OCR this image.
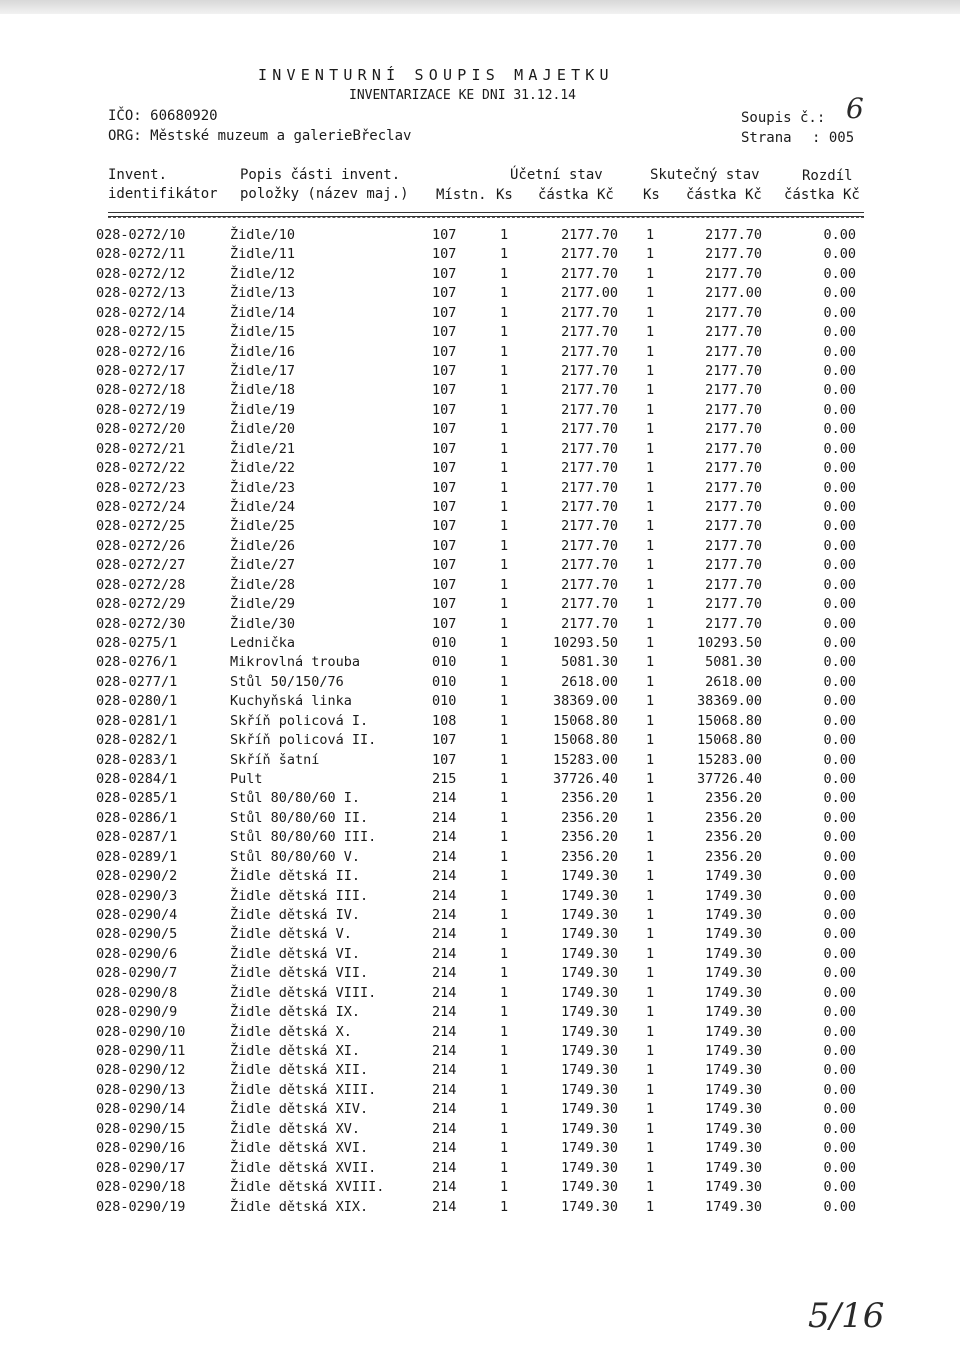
INVENTURNÍ SOUPIS MAJETKU
INVENTARIZACE KE DNI 31.12.14
IČO: 60680920
ORG: Městské muzeum a galerieBřeclav
Soupis č.: 6
Strana : 005
Invent.
identifikátor
Popis části invent.
položky (název maj.) Místn.
Účetní stav
Ks částka Kč
Skutečný stav
Ks částka Kč
Rozdíl
částka Kč
028-0272/10	Židle/10	107	1	2177.70 1	2177.70	0.00
028-0272/11	Židle/11	107	1	2177.70 1	2177.70	0.00
028-0272/12	Židle/12	107	1	2177.70 1	2177.70	0.00
028-0272/13	Židle/13	107	1	2177.00 1	2177.00	0.00
028-0272/14	Židle/14	107	1	2177.70 1	2177.70	0.00
028-0272/15	Židle/15	107	1	2177.70 1	2177.70	0.00
028-0272/16	Židle/16	107	1	2177.70 1	2177.70	0.00
028-0272/17	Židle/17	107	1	2177.70 1	2177.70	0.00
028-0272/18	Židle/18	107	1	2177.70 1	2177.70	0.00
028-0272/19	Židle/19	107	1	2177.70 1	2177.70	0.00
028-0272/20	Židle/20	107	1	2177.70 1	2177.70	0.00
028-0272/21	Židle/21	107	1	2177.70 1	2177.70	0.00
028-0272/22	Židle/22	107	1	2177.70 1	2177.70	0.00
028-0272/23	Židle/23	107	1	2177.70 1	2177.70	0.00
028-0272/24	Židle/24	107	1	2177.70 1	2177.70	0.00
028-0272/25	Židle/25	107	1	2177.70 1	2177.70	0.00
028-0272/26	Židle/26	107	1	2177.70 1	2177.70	0.00
028-0272/27	Židle/27	107	1	2177.70 1	2177.70	0.00
028-0272/28	Židle/28	107	1	2177.70 1	2177.70	0.00
028-0272/29	Židle/29	107	1	2177.70 1	2177.70	0.00
028-0272/30	Židle/30	107	1	2177.70 1	2177.70	0.00
028-0275/1	Lednička	010	1	10293.50 1	10293.50	0.00
028-0276/1	Mikrovlná trouba	010	1	5081.30 1	5081.30	0.00
028-0277/1	Stůl 50/150/76	010	1	2618.00 1	2618.00	0.00
028-0280/1	Kuchyňská linka	010	1	38369.00 1	38369.00	0.00
028-0281/1	Skříň policová I.	108	1	15068.80 1	15068.80	0.00
028-0282/1	Skříň policová II.	107	1	15068.80 1	15068.80	0.00
028-0283/1	Skříň šatní	107	1	15283.00 1	15283.00	0.00
028-0284/1	Pult	215	1	37726.40 1	37726.40	0.00
028-0285/1	Stůl 80/80/60 I.	214	1	2356.20 1	2356.20	0.00
028-0286/1	Stůl 80/80/60 II.	214	1	2356.20 1	2356.20	0.00
028-0287/1	Stůl 80/80/60 III.	214	1	2356.20 1	2356.20	0.00
028-0289/1	Stůl 80/80/60 V.	214	1	2356.20 1	2356.20	0.00
028-0290/2	Židle dětská II.	214	1	1749.30 1	1749.30	0.00
028-0290/3	Židle dětská III.	214	1	1749.30 1	1749.30	0.00
028-0290/4	Židle dětská IV.	214	1	1749.30 1	1749.30	0.00
028-0290/5	Židle dětská V.	214	1	1749.30 1	1749.30	0.00
028-0290/6	Židle dětská VI.	214	1	1749.30 1	1749.30	0.00
028-0290/7	Židle dětská VII.	214	1	1749.30 1	1749.30	0.00
028-0290/8	Židle dětská VIII.	214	1	1749.30 1	1749.30	0.00
028-0290/9	Židle dětská IX.	214	1	1749.30 1	1749.30	0.00
028-0290/10	Židle dětská X.	214	1	1749.30 1	1749.30	0.00
028-0290/11	Židle dětská XI.	214	1	1749.30 1	1749.30	0.00
028-0290/12	Židle dětská XII.	214	1	1749.30 1	1749.30	0.00
028-0290/13	Židle dětská XIII.	214	1	1749.30 1	1749.30	0.00
028-0290/14	Židle dětská XIV.	214	1	1749.30 1	1749.30	0.00
028-0290/15	Židle dětská XV.	214	1	1749.30 1	1749.30	0.00
028-0290/16	Židle dětská XVI.	214	1	1749.30 1	1749.30	0.00
028-0290/17	Židle dětská XVII.	214	1	1749.30 1	1749.30	0.00
028-0290/18	Židle dětská XVIII.	214	1	1749.30 1	1749.30	0.00
028-0290/19	Židle dětská XIX.	214	1	1749.30 1	1749.30	0.00
5/16
